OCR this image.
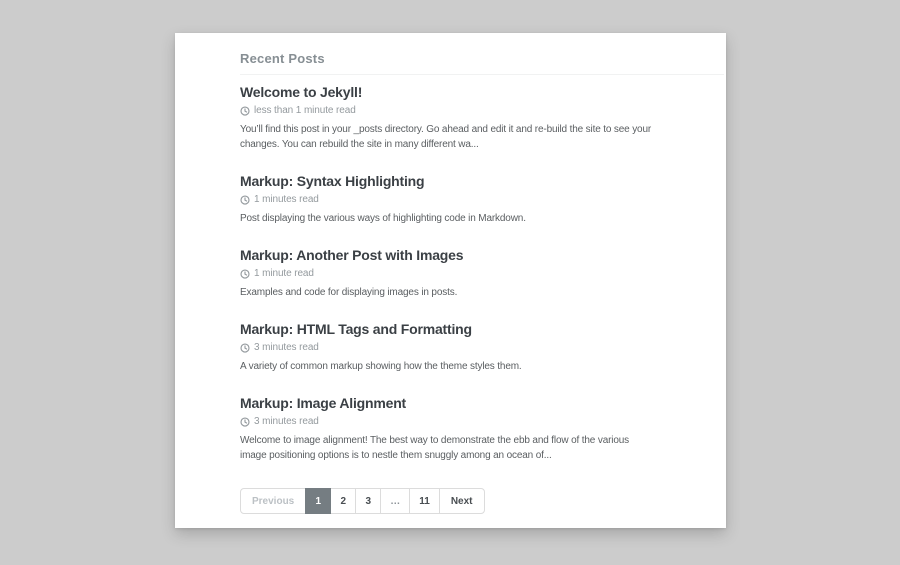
Recent Posts
Welcome to Jekyll!

less than 1 minute read

You’ll find this post in your _posts directory. Go ahead and edit it and re-build the site to see your
changes. You can rebuild the site in many different wa...

Markup: Syntax Highlighting

1 minutes read

Post displaying the various ways of highlighting code in Markdown.

Markup: Another Post with Images

1 minute read

Examples and code for displaying images in posts.

Markup: HTML Tags and Formatting

3 minutes read

A variety of common markup showing how the theme styles them.

Markup: Image Alignment

3 minutes read

Welcome to image alignment! The best way to demonstrate the ebb and flow of the various
image positioning options is to nestle them snuggly among an ocean of...

Previous	1	2	3	…	11	Next
